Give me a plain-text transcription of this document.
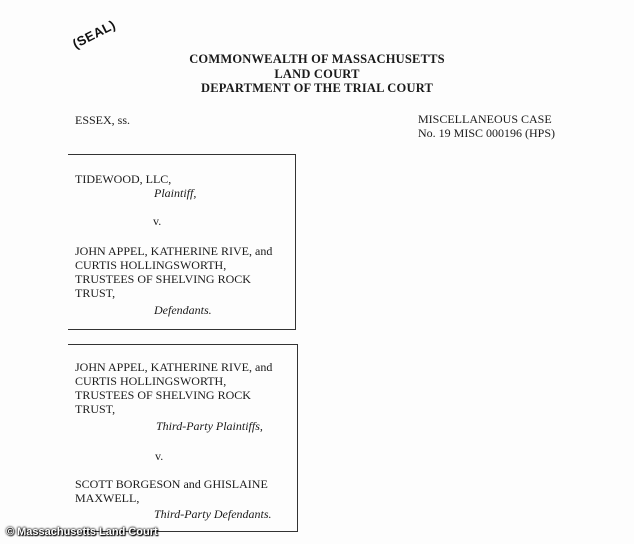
(SEAL)
COMMONWEALTH OF MASSACHUSETTS
LAND COURT
DEPARTMENT OF THE TRIAL COURT
ESSEX, ss.	MISCELLANEOUS CASE
No. 19 MISC 000196 (HPS)
TIDEWOOD, LLC,
Plaintiff,
v.
JOHN APPEL, KATHERINE RIVE, and
CURTIS HOLLINGSWORTH,
TRUSTEES OF SHELVING ROCK
TRUST,
Defendants.
JOHN APPEL, KATHERINE RIVE, and
CURTIS HOLLINGSWORTH,
TRUSTEES OF SHELVING ROCK
TRUST,
Third-Party Plaintiffs,
v.
SCOTT BORGESON and GHISLAINE
MAXWELL,
Third-Party Defendants.
© Massachusetts Land Court
